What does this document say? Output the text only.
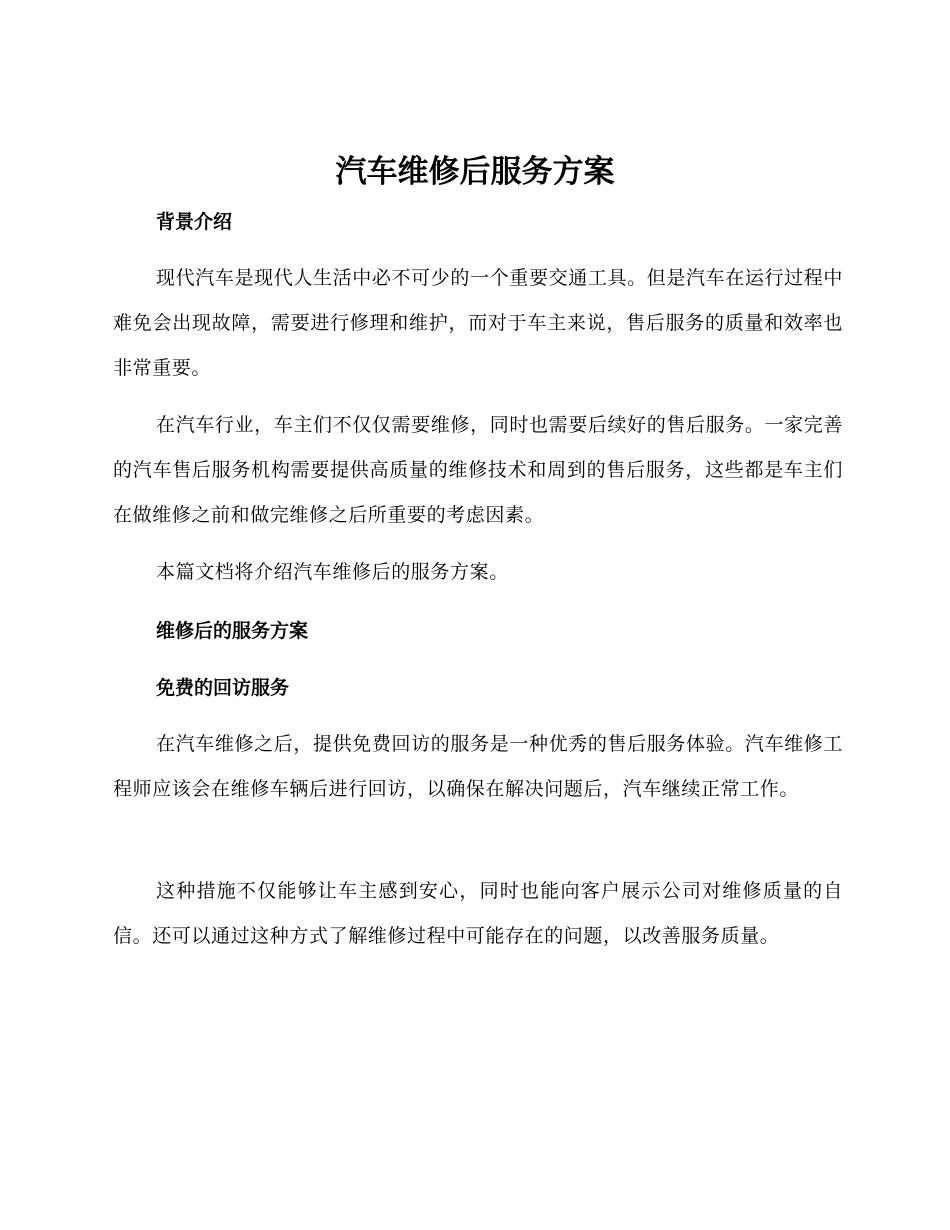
汽车维修后服务方案
背景介绍

现代汽车是现代人生活中必不可少的一个重要交通工具。但是汽车在运行过程中难免会出现故障，需要进行修理和维护，而对于车主来说，售后服务的质量和效率也非常重要。

在汽车行业，车主们不仅仅需要维修，同时也需要后续好的售后服务。一家完善的汽车售后服务机构需要提供高质量的维修技术和周到的售后服务，这些都是车主们在做维修之前和做完维修之后所重要的考虑因素。

本篇文档将介绍汽车维修后的服务方案。

维修后的服务方案
免费的回访服务

在汽车维修之后，提供免费回访的服务是一种优秀的售后服务体验。汽车维修工程师应该会在维修车辆后进行回访，以确保在解决问题后，汽车继续正常工作。

这种措施不仅能够让车主感到安心，同时也能向客户展示公司对维修质量的自信。还可以通过这种方式了解维修过程中可能存在的问题，以改善服务质量。
